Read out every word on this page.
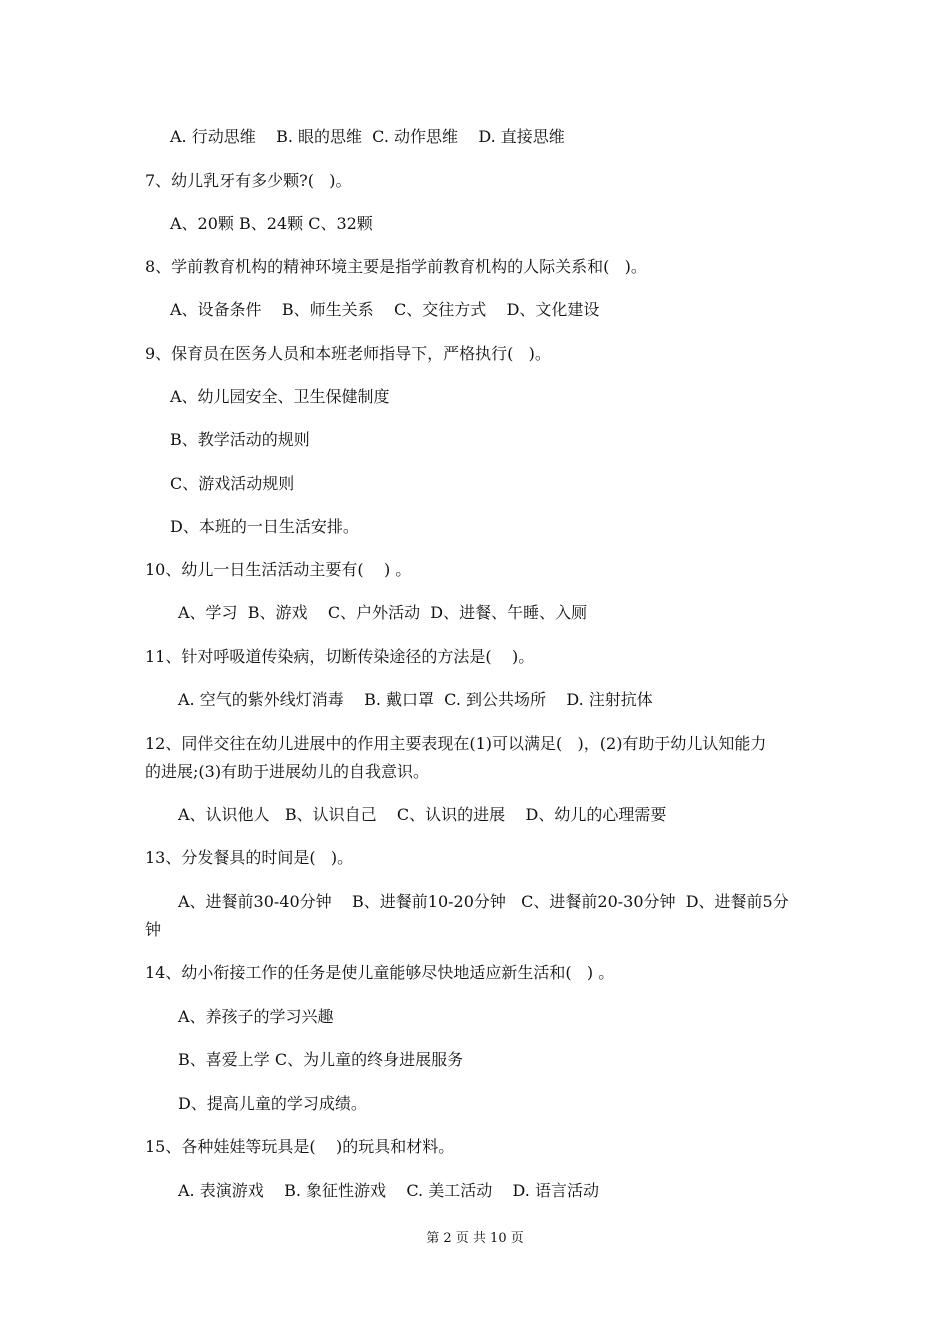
A. 行动思维    B. 眼的思维  C. 动作思维    D. 直接思维
7、幼儿乳牙有多少颗?(   )。
A、20颗 B、24颗 C、32颗
8、学前教育机构的精神环境主要是指学前教育机构的人际关系和(   )。
A、设备条件    B、师生关系    C、交往方式    D、文化建设
9、保育员在医务人员和本班老师指导下，严格执行(   )。
A、幼儿园安全、卫生保健制度
B、教学活动的规则
C、游戏活动规则
D、本班的一日生活安排。
10、幼儿一日生活活动主要有(    ) 。
A、学习  B、游戏    C、户外活动  D、进餐、午睡、入厕
11、针对呼吸道传染病，切断传染途径的方法是(    )。
A. 空气的紫外线灯消毒    B. 戴口罩  C. 到公共场所    D. 注射抗体
12、同伴交往在幼儿进展中的作用主要表现在(1)可以满足(   )，(2)有助于幼儿认知能力
的进展;(3)有助于进展幼儿的自我意识。
A、认识他人   B、认识自己    C、认识的进展    D、幼儿的心理需要
13、分发餐具的时间是(   )。
A、进餐前30-40分钟    B、进餐前10-20分钟   C、进餐前20-30分钟  D、进餐前5分
钟
14、幼小衔接工作的任务是使儿童能够尽快地适应新生活和(   ) 。
A、养孩子的学习兴趣
B、喜爱上学 C、为儿童的终身进展服务
D、提高儿童的学习成绩。
15、各种娃娃等玩具是(    )的玩具和材料。
A. 表演游戏    B. 象征性游戏    C. 美工活动    D. 语言活动
第 2 页 共 10 页
